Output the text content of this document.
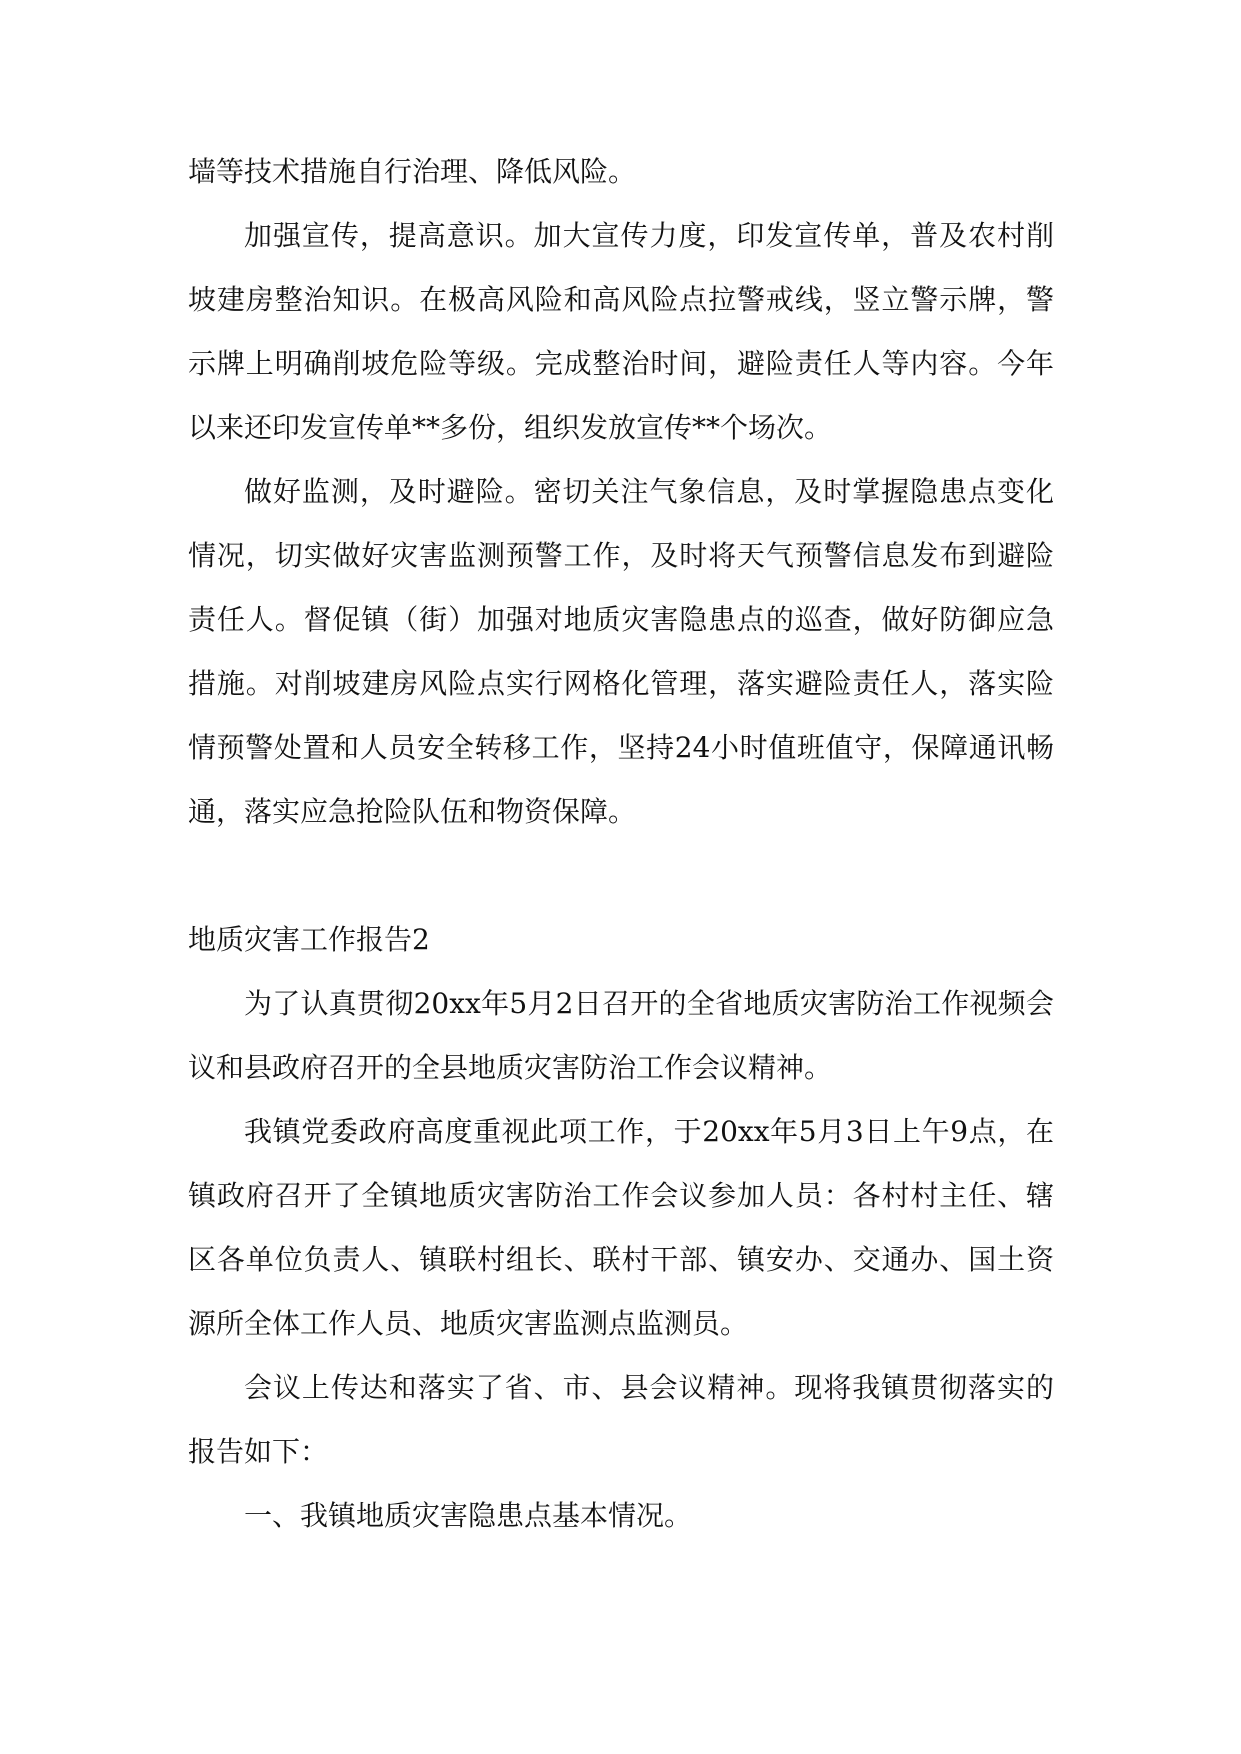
墙等技术措施自行治理、降低风险。

加强宣传，提高意识。加大宣传力度，印发宣传单，普及农村削坡建房整治知识。在极高风险和高风险点拉警戒线，竖立警示牌，警示牌上明确削坡危险等级。完成整治时间，避险责任人等内容。今年以来还印发宣传单**多份，组织发放宣传**个场次。

做好监测，及时避险。密切关注气象信息，及时掌握隐患点变化情况，切实做好灾害监测预警工作，及时将天气预警信息发布到避险责任人。督促镇（街）加强对地质灾害隐患点的巡查，做好防御应急措施。对削坡建房风险点实行网格化管理，落实避险责任人，落实险情预警处置和人员安全转移工作，坚持24小时值班值守，保障通讯畅通，落实应急抢险队伍和物资保障。

地质灾害工作报告2

为了认真贯彻20xx年5月2日召开的全省地质灾害防治工作视频会议和县政府召开的全县地质灾害防治工作会议精神。

我镇党委政府高度重视此项工作，于20xx年5月3日上午9点，在镇政府召开了全镇地质灾害防治工作会议参加人员：各村村主任、辖区各单位负责人、镇联村组长、联村干部、镇安办、交通办、国土资源所全体工作人员、地质灾害监测点监测员。

会议上传达和落实了省、市、县会议精神。现将我镇贯彻落实的报告如下：

一、我镇地质灾害隐患点基本情况。
